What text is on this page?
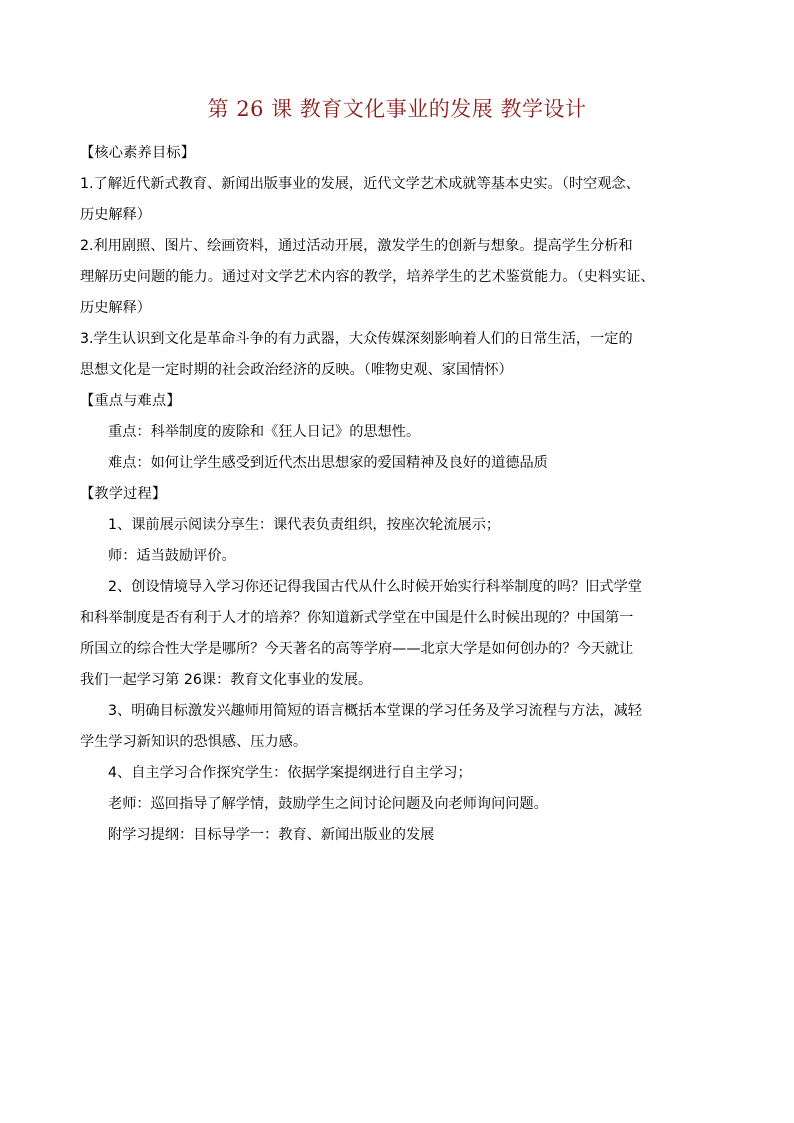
第 26 课 教育文化事业的发展 教学设计
【核心素养目标】
1.了解近代新式教育、新闻出版事业的发展，近代文学艺术成就等基本史实。（时空观念、
历史解释）
2.利用剧照、图片、绘画资料，通过活动开展，激发学生的创新与想象。提高学生分析和
理解历史问题的能力。通过对文学艺术内容的教学，培养学生的艺术鉴赏能力。（史料实证、
历史解释）
3.学生认识到文化是革命斗争的有力武器，大众传媒深刻影响着人们的日常生活，一定的
思想文化是一定时期的社会政治经济的反映。（唯物史观、家国情怀）
【重点与难点】
重点：科举制度的废除和《狂人日记》的思想性。
难点：如何让学生感受到近代杰出思想家的爱国精神及良好的道德品质
【教学过程】
1、课前展示阅读分享生：课代表负责组织，按座次轮流展示；
师：适当鼓励评价。
2、创设情境导入学习你还记得我国古代从什么时候开始实行科举制度的吗？旧式学堂
和科举制度是否有利于人才的培养？你知道新式学堂在中国是什么时候出现的？中国第一
所国立的综合性大学是哪所？今天著名的高等学府——北京大学是如何创办的？今天就让
我们一起学习第 26课：教育文化事业的发展。
3、明确目标激发兴趣师用简短的语言概括本堂课的学习任务及学习流程与方法，减轻
学生学习新知识的恐惧感、压力感。
4、自主学习合作探究学生：依据学案提纲进行自主学习；
老师：巡回指导了解学情，鼓励学生之间讨论问题及向老师询问问题。
附学习提纲：目标导学一：教育、新闻出版业的发展
